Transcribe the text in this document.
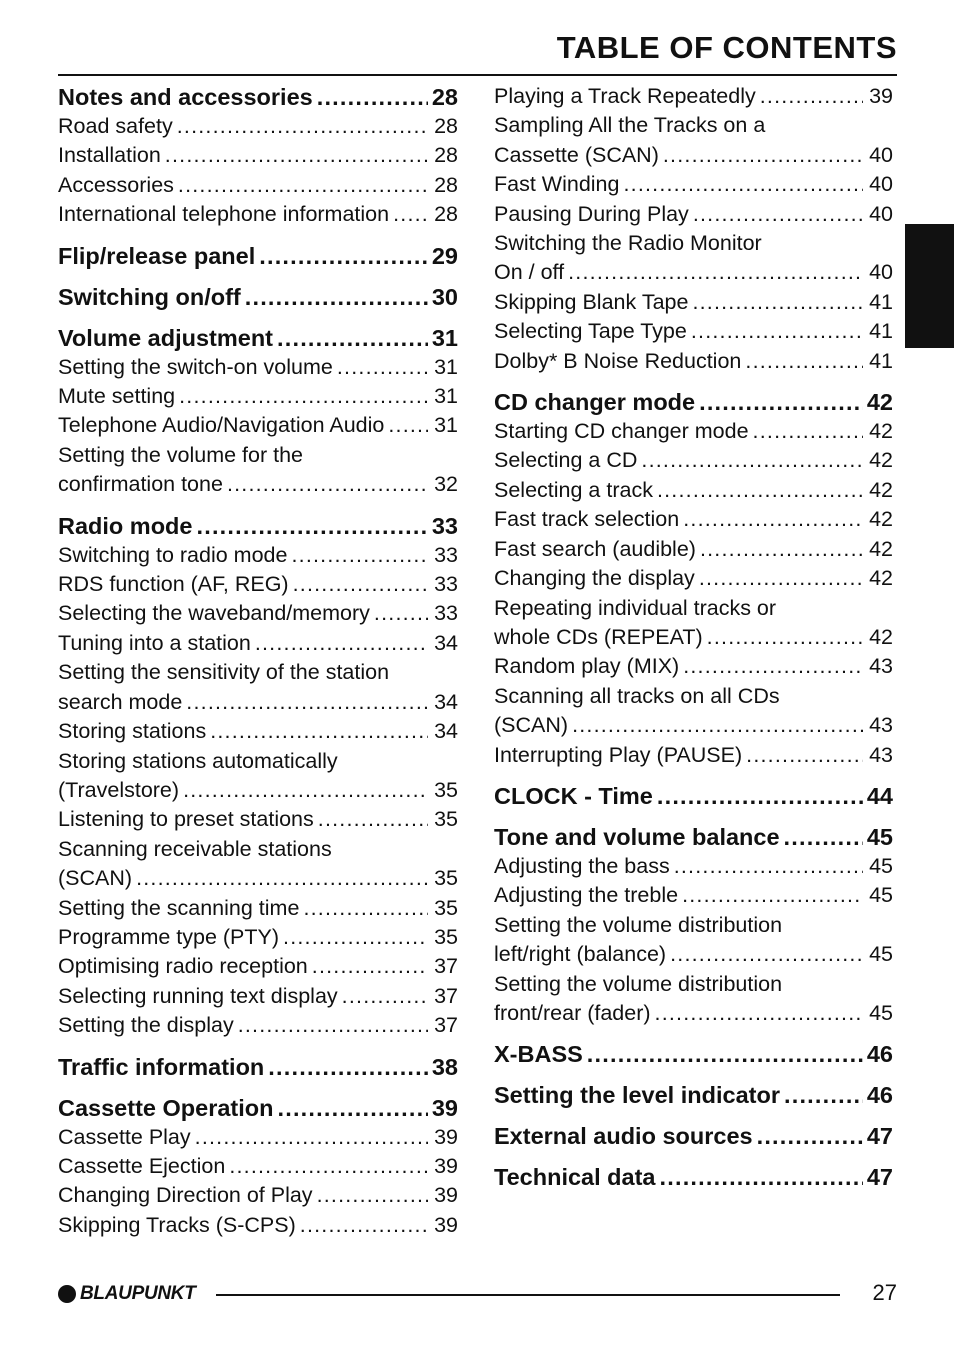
TABLE OF CONTENTS
Notes and accessories .....	28
Road safety .....	28
Installation .....	28
Accessories .....	28
International telephone information ..... 28
Flip/release panel .....	29
Switching on/off .....	30
Volume adjustment .....	31
Setting the switch-on volume .....	31
Mute setting .....	31
Telephone Audio/Navigation Audio ..... 31
Setting the volume for the
confirmation tone .....	32
Radio mode .....	33
Switching to radio mode .....	33
RDS function (AF, REG) .....	33
Selecting the waveband/memory .....	33
Tuning into a station .....	34
Setting the sensitivity of the station
search mode .....	34
Storing stations .....	34
Storing stations automatically
(Travelstore) .....	35
Listening to preset stations .....	35
Scanning receivable stations
(SCAN) .....	35
Setting the scanning time .....	35
Programme type (PTY) .....	35
Optimising radio reception .....	37
Selecting running text display .....	37
Setting the display .....	37
Traffic information .....	38
Cassette Operation .....	39
Cassette Play .....	39
Cassette Ejection .....	39
Changing Direction of Play .....	39
Skipping Tracks (S-CPS) .....	39
Playing a Track Repeatedly .....	39
Sampling All the Tracks on a
Cassette (SCAN) .....	40
Fast Winding .....	40
Pausing During Play .....	40
Switching the Radio Monitor
On / off .....	40
Skipping Blank Tape .....	41
Selecting Tape Type .....	41
Dolby* B Noise Reduction .....	41
CD changer mode .....	42
Starting CD changer mode .....	42
Selecting a CD .....	42
Selecting a track .....	42
Fast track selection .....	42
Fast search (audible) .....	42
Changing the display .....	42
Repeating individual tracks or
whole CDs (REPEAT) .....	42
Random play (MIX) .....	43
Scanning all tracks on all CDs
(SCAN) .....	43
Interrupting Play (PAUSE) .....	43
CLOCK - Time .....	44
Tone and volume balance .....	45
Adjusting the bass .....	45
Adjusting the treble .....	45
Setting the volume distribution
left/right (balance) .....	45
Setting the volume distribution
front/rear (fader) .....	45
X-BASS .....	46
Setting the level indicator .....	46
External audio sources .....	47
Technical data .....	47
BLAUPUNKT	27
